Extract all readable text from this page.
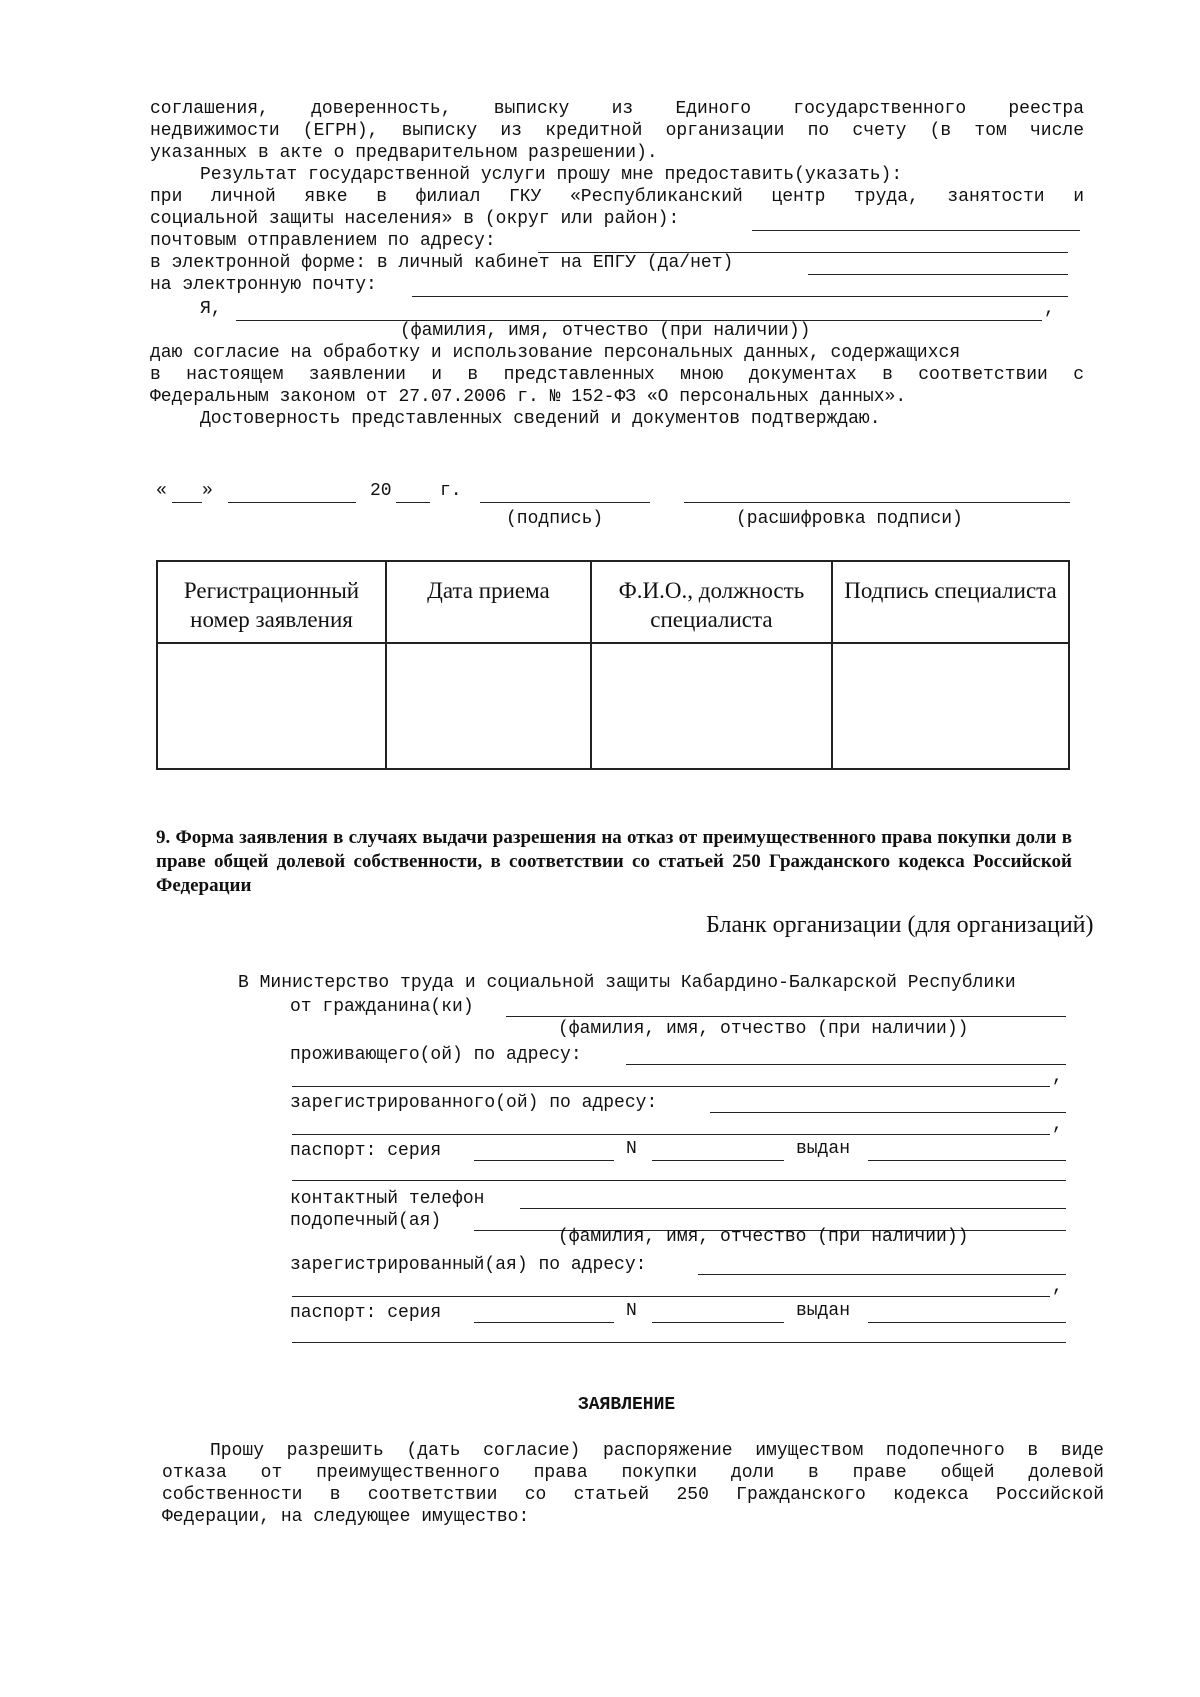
соглашения, доверенность, выписку из Единого государственного реестра
недвижимости (ЕГРН), выписку из кредитной организации по счету (в том числе
указанных в акте о предварительном разрешении).
Результат государственной услуги прошу мне предоставить(указать):
при личной явке в филиал ГКУ «Республиканский центр труда, занятости и
социальной защиты населения» в (округ или район):
почтовым отправлением по адресу:
в электронной форме: в личный кабинет на ЕПГУ (да/нет)
на электронную почту:
Я,	,
(фамилия, имя, отчество (при наличии))
даю согласие на обработку и использование персональных данных, содержащихся
в настоящем заявлении и в представленных мною документах в соответствии с
Федеральным законом от 27.07.2006 г. № 152-ФЗ «О персональных данных».
Достоверность представленных сведений и документов подтверждаю.
« »	20	г.
(подпись)	(расшифровка подписи)
Регистрационный номер заявления	Дата приема	Ф.И.О., должность специалиста	Подпись специалиста

9. Форма заявления в случаях выдачи разрешения на отказ от преимущественного права покупки доли в праве общей долевой собственности, в соответствии со статьей 250 Гражданского кодекса Российской Федерации
Бланк организации (для организаций)
В Министерство труда и социальной защиты Кабардино-Балкарской Республики
от гражданина(ки)
(фамилия, имя, отчество (при наличии))
проживающего(ой) по адресу:
,
зарегистрированного(ой) по адресу:
,
паспорт: серия	N	выдан
контактный телефон
подопечный(ая)
(фамилия, имя, отчество (при наличии))
зарегистрированный(ая) по адресу:
,
паспорт: серия	N	выдан
ЗАЯВЛЕНИЕ
Прошу разрешить (дать согласие) распоряжение имуществом подопечного в виде
отказа от преимущественного права покупки доли в праве общей долевой
собственности в соответствии со статьей 250 Гражданского кодекса Российской
Федерации, на следующее имущество:
